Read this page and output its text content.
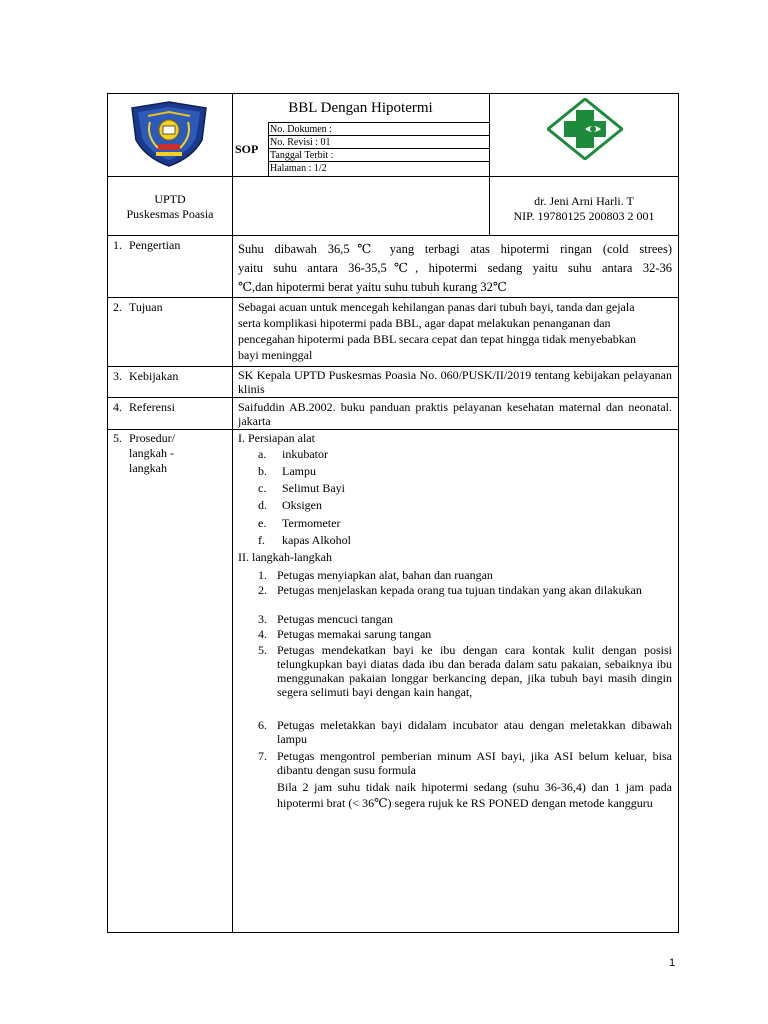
BBL Dengan Hipotermi
SOP
No. Dokumen :
No. Revisi : 01
Tanggal Terbit :
Halaman : 1/2
UPTD
Puskesmas Poasia
dr. Jeni Arni Harli. T
NIP. 19780125 200803 2 001
1. Pengertian	Suhu dibawah 36,5℃ yang terbagi atas hipotermi ringan (cold strees)
yaitu suhu antara 36-35,5℃, hipotermi sedang yaitu suhu antara 32-36
℃,dan hipotermi berat yaitu suhu tubuh kurang 32℃
2. Tujuan	Sebagai acuan untuk mencegah kehilangan panas dari tubuh bayi, tanda dan gejala serta komplikasi hipotermi pada BBL, agar dapat melakukan penanganan dan pencegahan hipotermi pada BBL secara cepat dan tepat hingga tidak menyebabkan bayi meninggal
3. Kebijakan	SK Kepala UPTD Puskesmas Poasia No. 060/PUSK/II/2019 tentang kebijakan pelayanan klinis
4. Referensi	Saifuddin AB.2002. buku panduan praktis pelayanan kesehatan maternal dan neonatal. jakarta
5. Prosedur/
langkah -
langkah
I. Persiapan alat
a. inkubator
b. Lampu
c. Selimut Bayi
d. Oksigen
e. Termometer
f. kapas Alkohol
II. langkah-langkah
1. Petugas menyiapkan alat, bahan dan ruangan
2. Petugas menjelaskan kepada orang tua tujuan tindakan yang akan dilakukan
3. Petugas mencuci tangan
4. Petugas memakai sarung tangan
5. Petugas mendekatkan bayi ke ibu dengan cara kontak kulit dengan posisi telungkupkan bayi diatas dada ibu dan berada dalam satu pakaian, sebaiknya ibu menggunakan pakaian longgar berkancing depan, jika tubuh bayi masih dingin segera selimuti bayi dengan kain hangat,
6. Petugas meletakkan bayi didalam incubator atau dengan meletakkan dibawah lampu
7. Petugas mengontrol pemberian minum ASI bayi, jika ASI belum keluar, bisa dibantu dengan susu formula
Bila 2 jam suhu tidak naik hipotermi sedang (suhu 36-36,4) dan 1 jam pada hipotermi brat (< 36℃) segera rujuk ke RS PONED dengan metode kangguru
1
